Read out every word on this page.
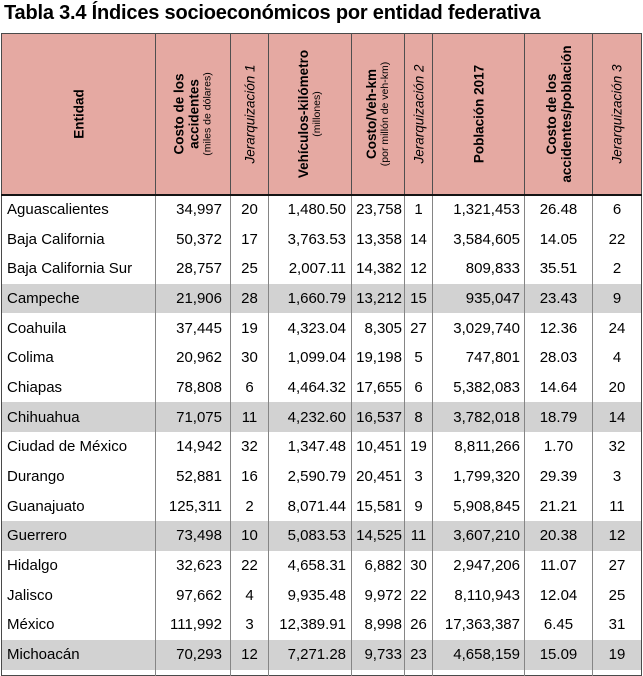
Tabla 3.4 Índices socioeconómicos por entidad federativa
Entidad	Costo de los accidentes (miles de dólares)	Jerarquización 1	Vehículos-kilómetro (millones)	Costo/Veh-km (por millón de veh-km)	Jerarquización 2	Población 2017	Costo de los accidentes/población	Jerarquización 3

Aguascalientes	34,997	20	1,480.50	23,758	1	1,321,453	26.48	6
Baja California	50,372	17	3,763.53	13,358	14	3,584,605	14.05	22
Baja California Sur	28,757	25	2,007.11	14,382	12	809,833	35.51	2
Campeche	21,906	28	1,660.79	13,212	15	935,047	23.43	9
Coahuila	37,445	19	4,323.04	8,305	27	3,029,740	12.36	24
Colima	20,962	30	1,099.04	19,198	5	747,801	28.03	4
Chiapas	78,808	6	4,464.32	17,655	6	5,382,083	14.64	20
Chihuahua	71,075	11	4,232.60	16,537	8	3,782,018	18.79	14
Ciudad de México	14,942	32	1,347.48	10,451	19	8,811,266	1.70	32
Durango	52,881	16	2,590.79	20,451	3	1,799,320	29.39	3
Guanajuato	125,311	2	8,071.44	15,581	9	5,908,845	21.21	11
Guerrero	73,498	10	5,083.53	14,525	11	3,607,210	20.38	12
Hidalgo	32,623	22	4,658.31	6,882	30	2,947,206	11.07	27
Jalisco	97,662	4	9,935.48	9,972	22	8,110,943	12.04	25
México	111,992	3	12,389.91	8,998	26	17,363,387	6.45	31
Michoacán	70,293	12	7,271.28	9,733	23	4,658,159	15.09	19
